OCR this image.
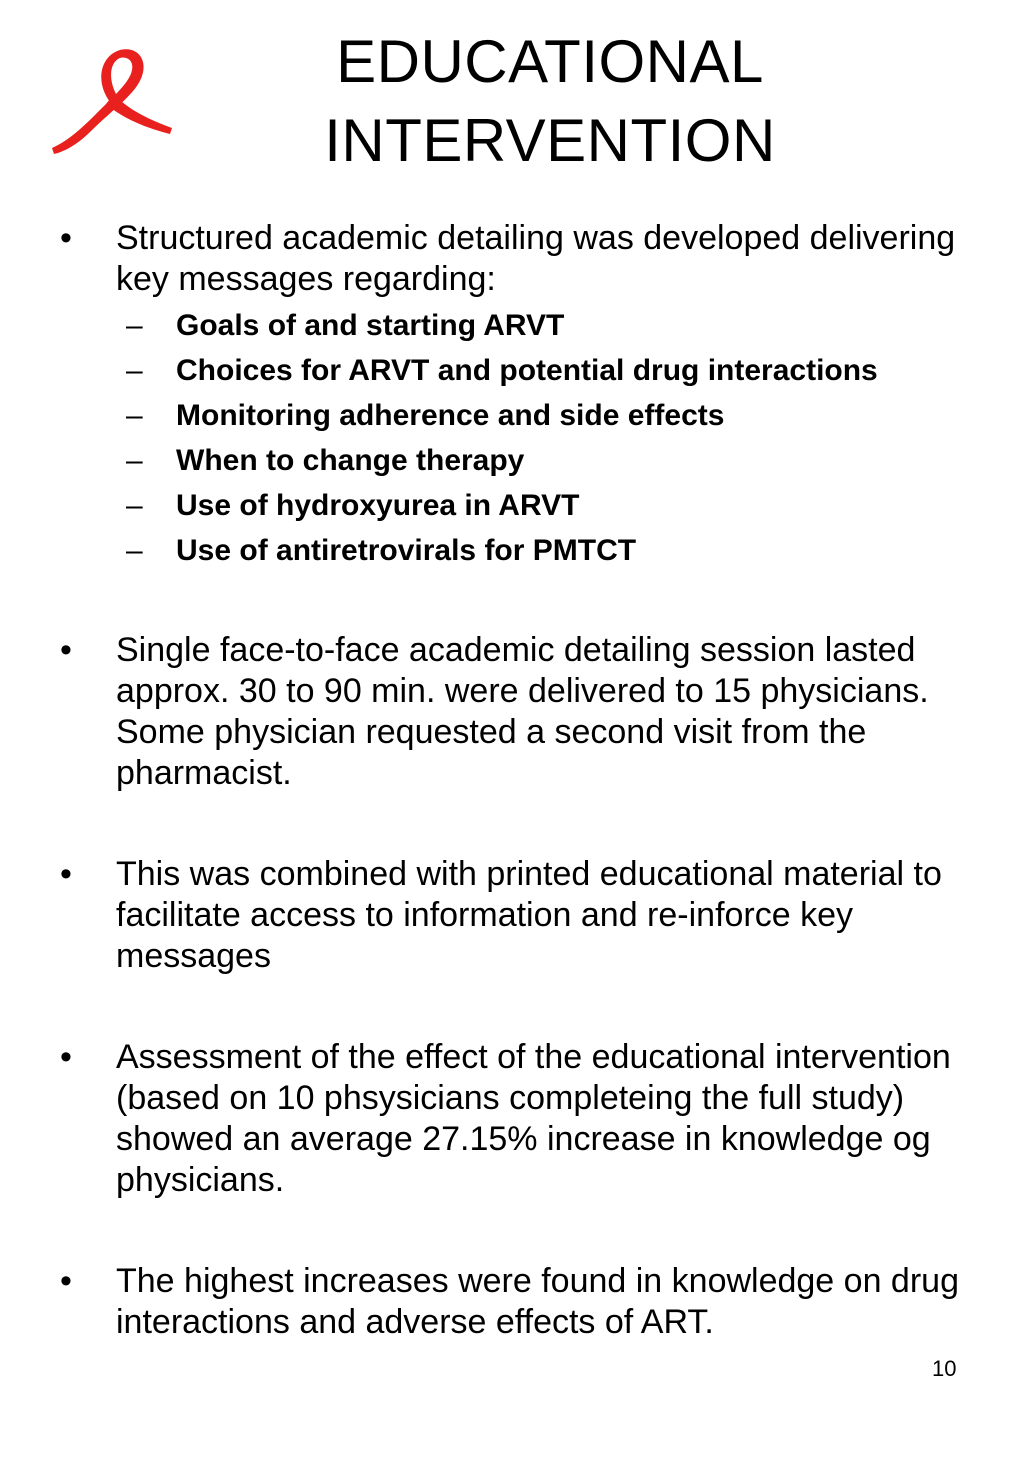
EDUCATIONAL
INTERVENTION
•	Structured academic detailing was developed delivering key messages regarding:
– Goals of and starting ARVT
– Choices for ARVT and potential drug interactions
– Monitoring adherence and side effects
– When to change therapy
– Use of hydroxyurea in ARVT
– Use of antiretrovirals for PMTCT
•	Single face-to-face academic detailing session lasted approx. 30 to 90 min. were delivered to 15 physicians. Some physician requested a second visit from the pharmacist.
•	This was combined with printed educational material to facilitate access to information and re-inforce key messages
•	Assessment of the effect of the educational intervention (based on 10 phsysicians completeing the full study) showed an average 27.15% increase in knowledge og physicians.
•	The highest increases were found in knowledge on drug interactions and adverse effects of ART.
10
